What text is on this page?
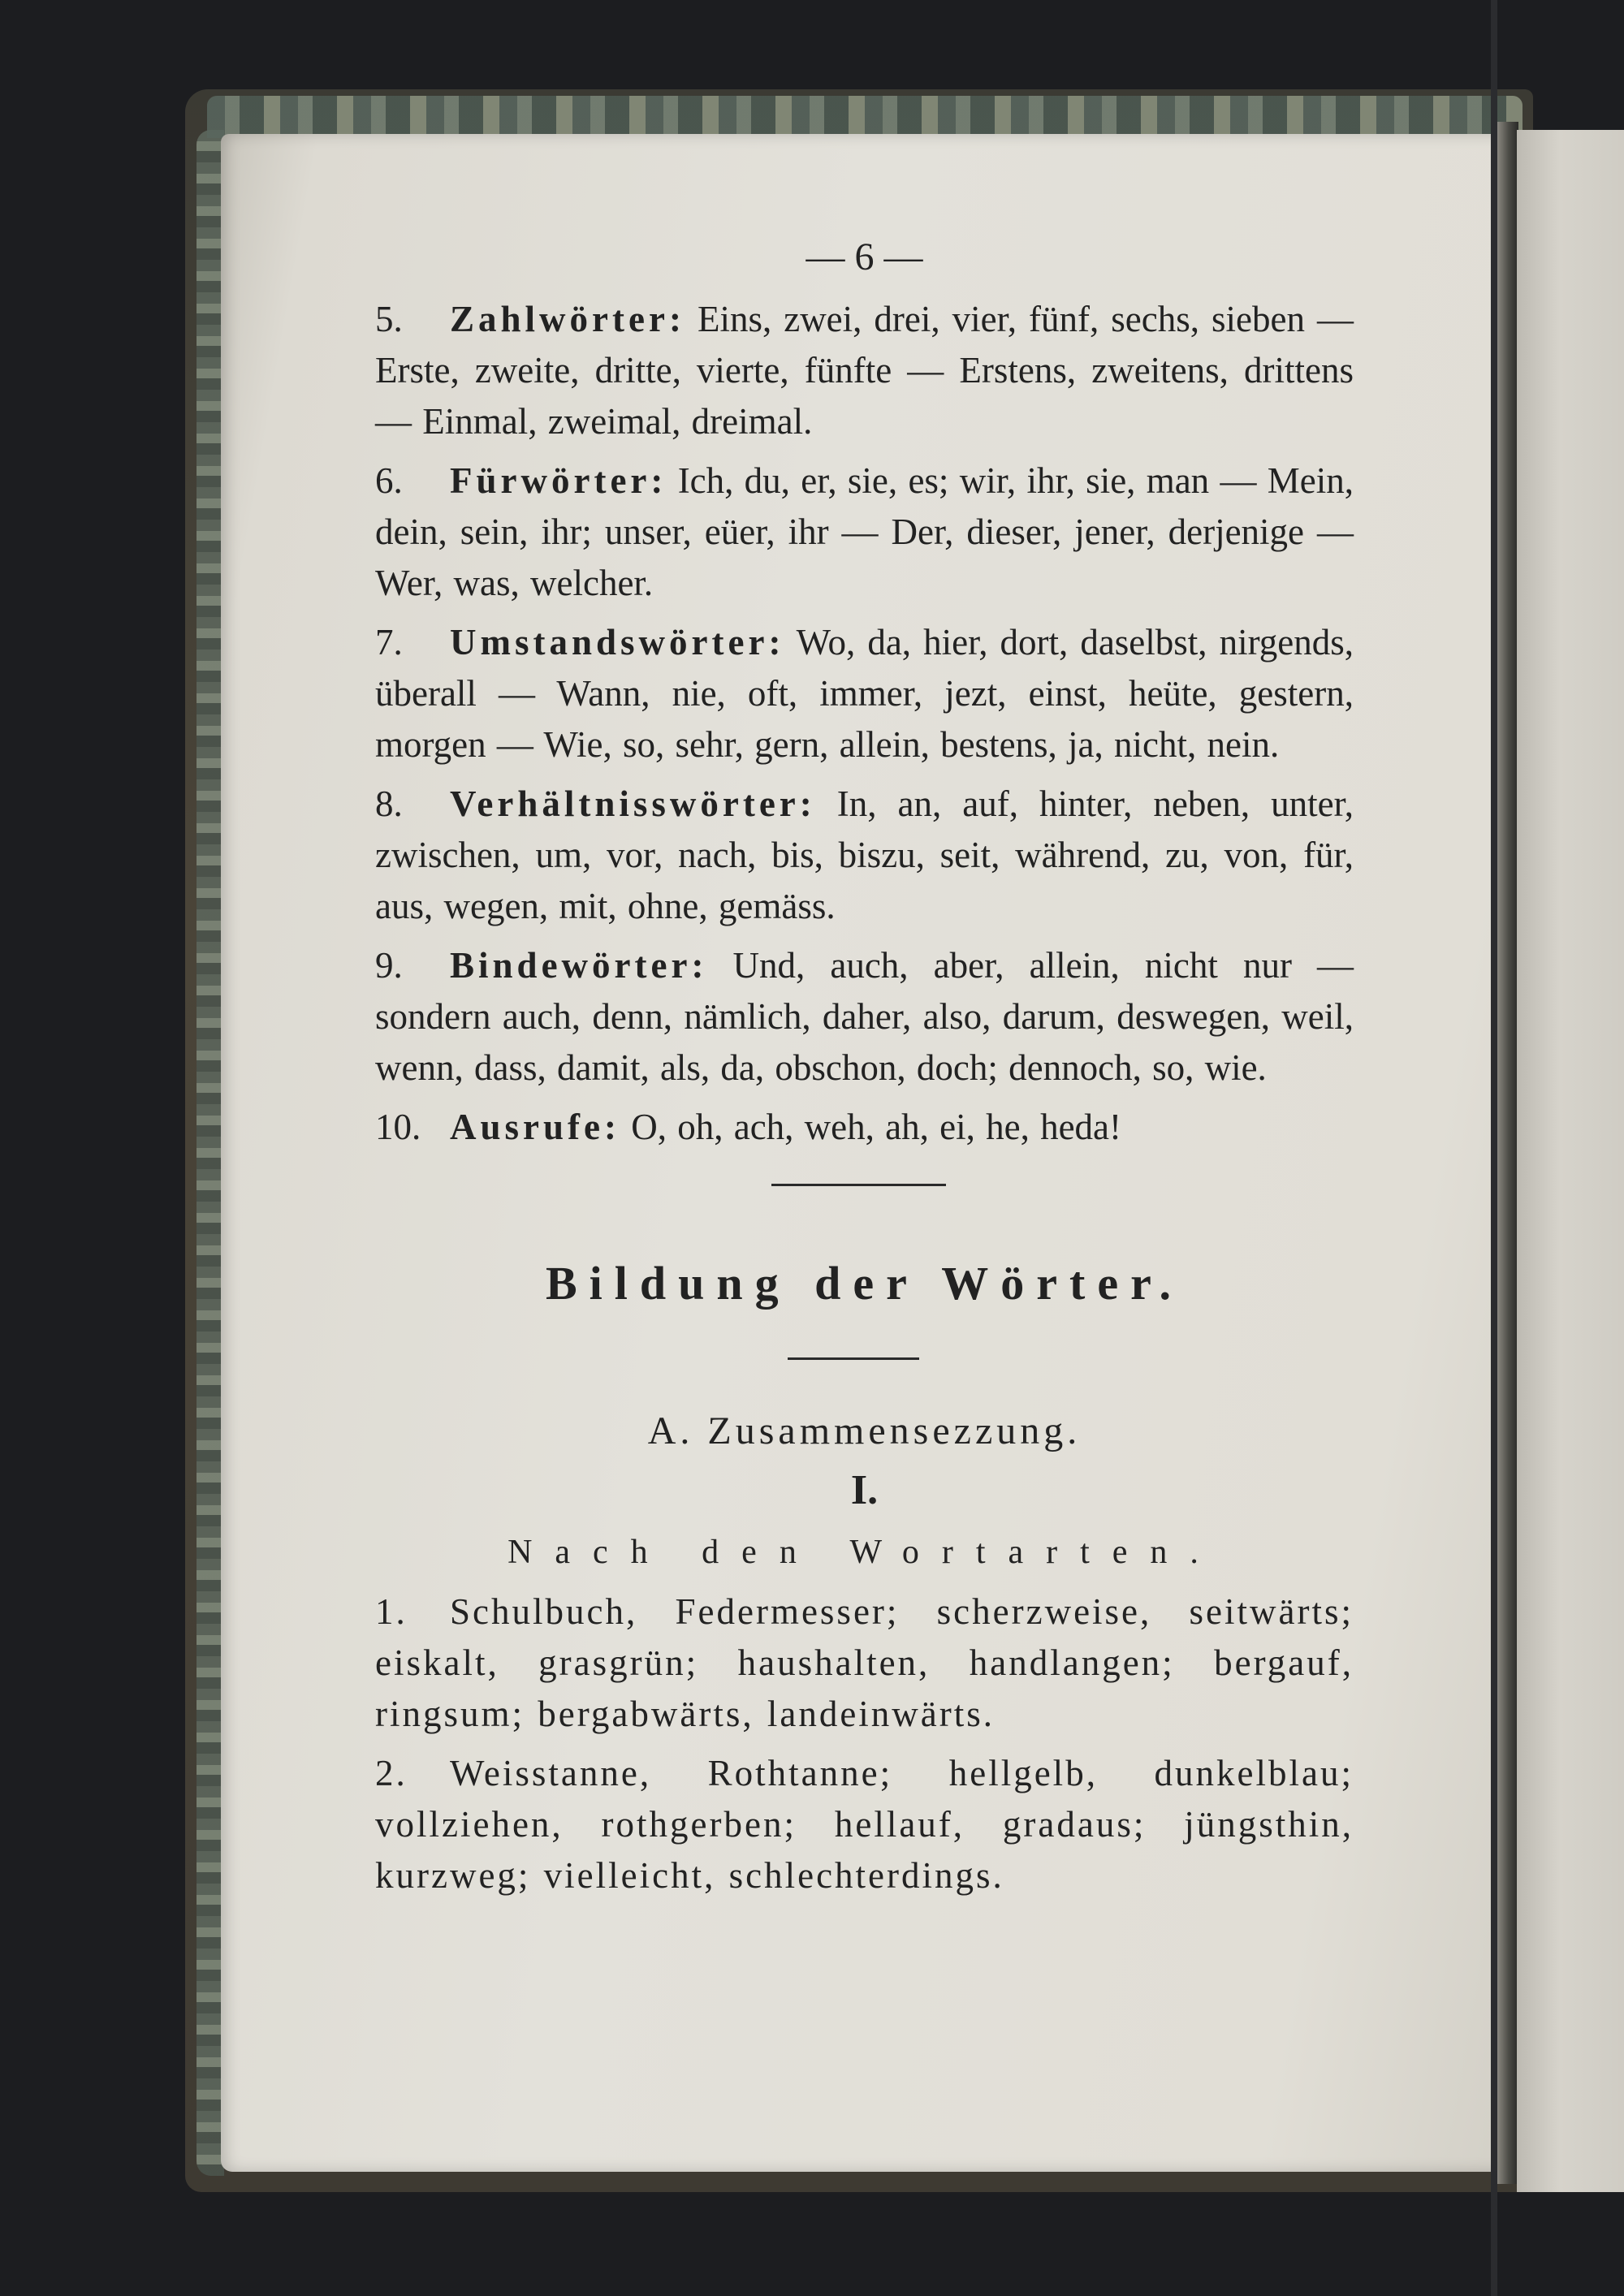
— 6 —

5. Zahlwörter: Eins, zwei, drei, vier, fünf, sechs, sieben — Erste, zweite, dritte, vierte, fünfte — Erstens, zweitens, drittens — Einmal, zweimal, dreimal.

6. Fürwörter: Ich, du, er, sie, es; wir, ihr, sie, man — Mein, dein, sein, ihr; unser, eüer, ihr — Der, dieser, jener, derjenige — Wer, was, welcher.

7. Umstandswörter: Wo, da, hier, dort, daselbst, nirgends, überall — Wann, nie, oft, immer, jezt, einst, heüte, gestern, morgen — Wie, so, sehr, gern, allein, bestens, ja, nicht, nein.

8. Verhältnisswörter: In, an, auf, hinter, neben, unter, zwischen, um, vor, nach, bis, biszu, seit, während, zu, von, für, aus, wegen, mit, ohne, gemäss.

9. Bindewörter: Und, auch, aber, allein, nicht nur — sondern auch, denn, nämlich, daher, also, darum, deswegen, weil, wenn, dass, damit, als, da, obschon, doch; dennoch, so, wie.

10. Ausrufe: O, oh, ach, weh, ah, ei, he, heda!

Bildung der Wörter.
A. Zusammensezzung.
I.
Nach den Wortarten.

1. Schulbuch, Federmesser; scherzweise, seitwärts; eiskalt, grasgrün; haushalten, handlangen; bergauf, ringsum; bergabwärts, landeinwärts.

2. Weisstanne, Rothtanne; hellgelb, dunkelblau; vollziehen, rothgerben; hellauf, gradaus; jüngsthin, kurzweg; vielleicht, schlechterdings.
